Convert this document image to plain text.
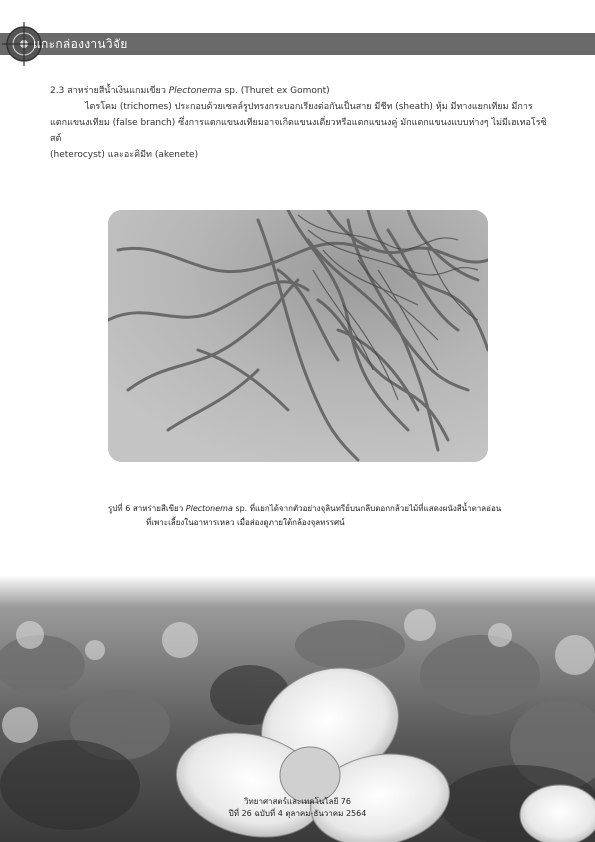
แกะกล่องงานวิจัย
2.3 สาหร่ายสีน้ำเงินแกมเขียว Plectonema sp. (Thuret ex Gomont)
ไตรโคม (trichomes) ประกอบด้วยเซลล์รูปทรงกระบอกเรียงต่อกันเป็นสาย มีชีท (sheath) หุ้ม มีทางแยกเทียม มีการ
แตกแขนงเทียม (false branch) ซึ่งการแตกแขนงเทียมอาจเกิดแขนงเดี่ยวหรือแตกแขนงคู่ มักแตกแขนงแบบห่างๆ ไม่มีเฮเทอโรซิสต์
(heterocyst) และอะคิมีท (akenete)
รูปที่ 6 สาหร่ายสีเขียว Plectonema sp. ที่แยกได้จากตัวอย่างจุลินทรีย์บนกลีบดอกกล้วยไม้ที่แสดงผนังสีน้ำตาลอ่อน
ที่เพาะเลี้ยงในอาหารเหลว เมื่อส่องดูภายใต้กล้องจุลทรรศน์
วิทยาศาสตร์และเทคโนโลยี 76
ปีที่ 26 ฉบับที่ 4 ตุลาคม-ธันวาคม 2564
